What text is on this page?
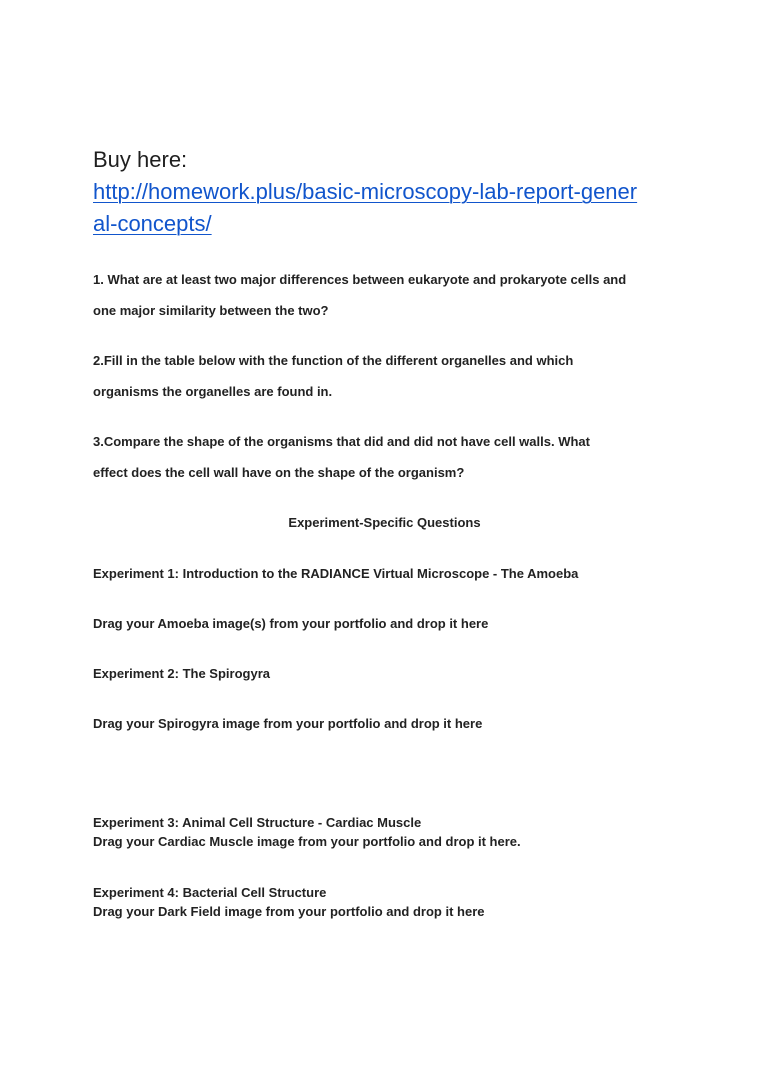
Buy here:
http://homework.plus/basic-microscopy-lab-report-gener
al-concepts/
1. What are at least two major differences between eukaryote and prokaryote cells and
one major similarity between the two?
2.Fill in the table below with the function of the different organelles and which
organisms the organelles are found in.
3.Compare the shape of the organisms that did and did not have cell walls. What
effect does the cell wall have on the shape of the organism?
Experiment-Specific Questions
Experiment 1: Introduction to the RADIANCE Virtual Microscope - The Amoeba
Drag your Amoeba image(s) from your portfolio and drop it here
Experiment 2: The Spirogyra
Drag your Spirogyra image from your portfolio and drop it here
Experiment 3: Animal Cell Structure - Cardiac Muscle
Drag your Cardiac Muscle image from your portfolio and drop it here.
Experiment 4: Bacterial Cell Structure
Drag your Dark Field image from your portfolio and drop it here
